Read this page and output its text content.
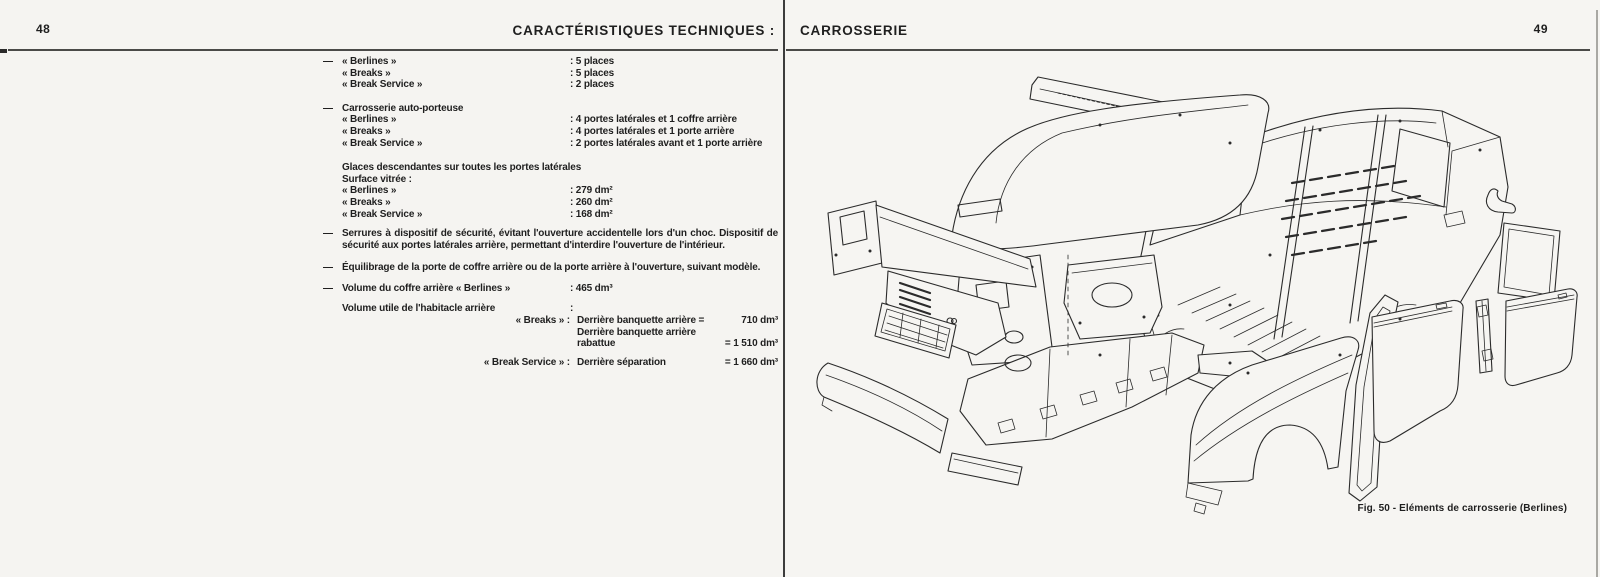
48	CARACTÉRISTIQUES TECHNIQUES :
— « Berlines »	: 5 places
« Breaks »	: 5 places
« Break Service »	: 2 places
— Carrosserie auto-porteuse
« Berlines »	: 4 portes latérales et 1 coffre arrière
« Breaks »	: 4 portes latérales et 1 porte arrière
« Break Service »	: 2 portes latérales avant et 1 porte arrière
Glaces descendantes sur toutes les portes latérales
Surface vitrée :
« Berlines »	: 279 dm²
« Breaks »	: 260 dm²
« Break Service »	: 168 dm²
— Serrures à dispositif de sécurité, évitant l'ouverture accidentelle lors d'un choc. Dispositif de sécurité aux portes latérales arrière, permettant d'interdire l'ouverture de l'intérieur.
— Équilibrage de la porte de coffre arrière ou de la porte arrière à l'ouverture, suivant modèle.
— Volume du coffre arrière « Berlines »	: 465 dm³
Volume utile de l'habitacle arrière	:
« Breaks » : Derrière banquette arrière =	710 dm³
Derrière banquette arrière
rabattue	= 1 510 dm³
« Break Service » : Derrière séparation	= 1 660 dm³
CARROSSERIE	49
Fig. 50 - Eléments de carrosserie (Berlines)
